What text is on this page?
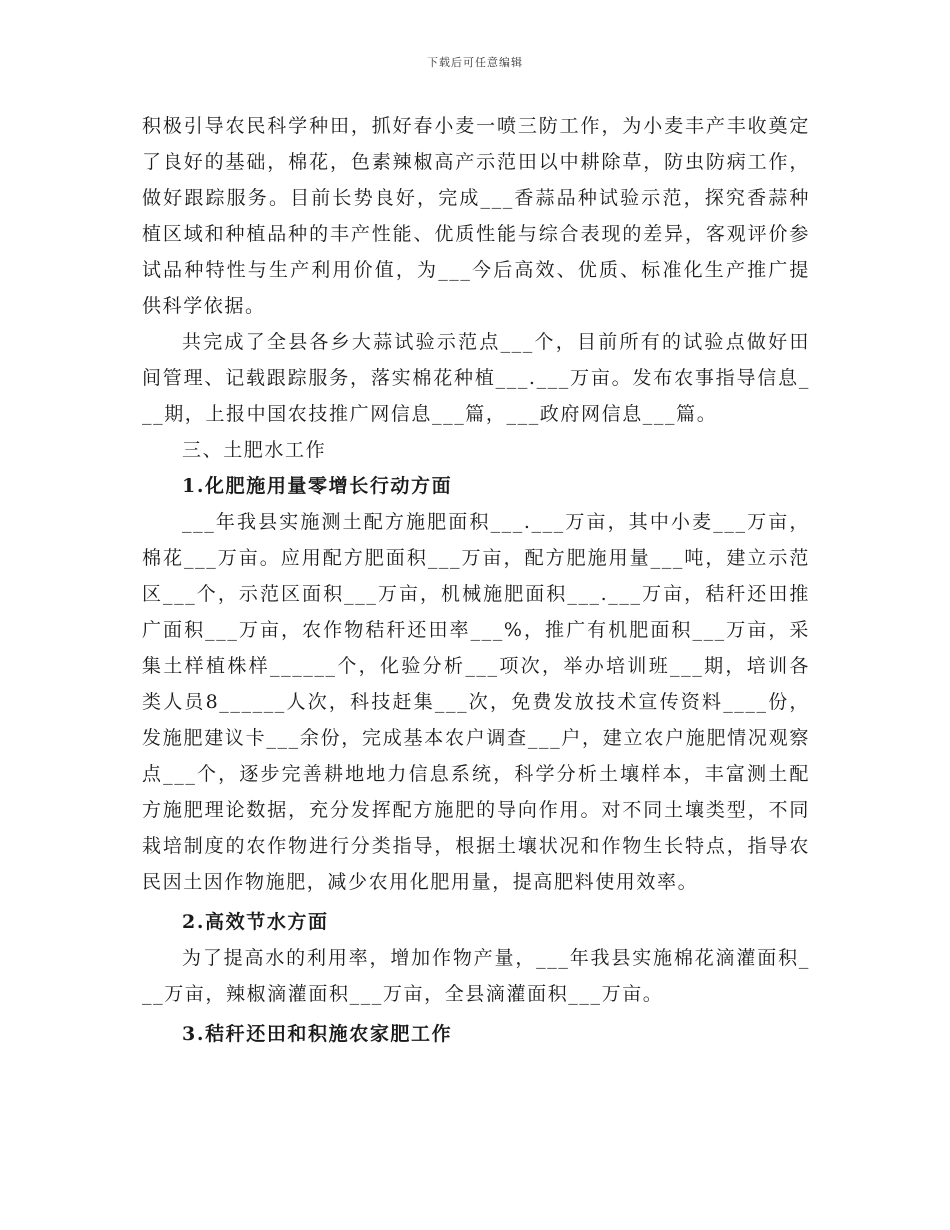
下载后可任意编辑

积极引导农民科学种田，抓好春小麦一喷三防工作，为小麦丰产丰收奠定了良好的基础，棉花，色素辣椒高产示范田以中耕除草，防虫防病工作，做好跟踪服务。目前长势良好，完成___香蒜品种试验示范，探究香蒜种植区域和种植品种的丰产性能、优质性能与综合表现的差异，客观评价参试品种特性与生产利用价值，为___今后高效、优质、标准化生产推广提供科学依据。

共完成了全县各乡大蒜试验示范点___个，目前所有的试验点做好田间管理、记载跟踪服务，落实棉花种植___.___万亩。发布农事指导信息___期，上报中国农技推广网信息___篇，___政府网信息___篇。

三、土肥水工作

1.化肥施用量零增长行动方面

___年我县实施测土配方施肥面积___.___万亩，其中小麦___万亩，棉花___万亩。应用配方肥面积___万亩，配方肥施用量___吨，建立示范区___个，示范区面积___万亩，机械施肥面积___.___万亩，秸秆还田推广面积___万亩，农作物秸秆还田率___%，推广有机肥面积___万亩，采集土样植株样______个，化验分析___项次，举办培训班___期，培训各类人员8______人次，科技赶集___次，免费发放技术宣传资料____份，发施肥建议卡___余份，完成基本农户调查___户，建立农户施肥情况观察点___个，逐步完善耕地地力信息系统，科学分析土壤样本，丰富测土配方施肥理论数据，充分发挥配方施肥的导向作用。对不同土壤类型，不同栽培制度的农作物进行分类指导，根据土壤状况和作物生长特点，指导农民因土因作物施肥，减少农用化肥用量，提高肥料使用效率。

2.高效节水方面

为了提高水的利用率，增加作物产量，___年我县实施棉花滴灌面积___万亩，辣椒滴灌面积___万亩，全县滴灌面积___万亩。

3.秸秆还田和积施农家肥工作
